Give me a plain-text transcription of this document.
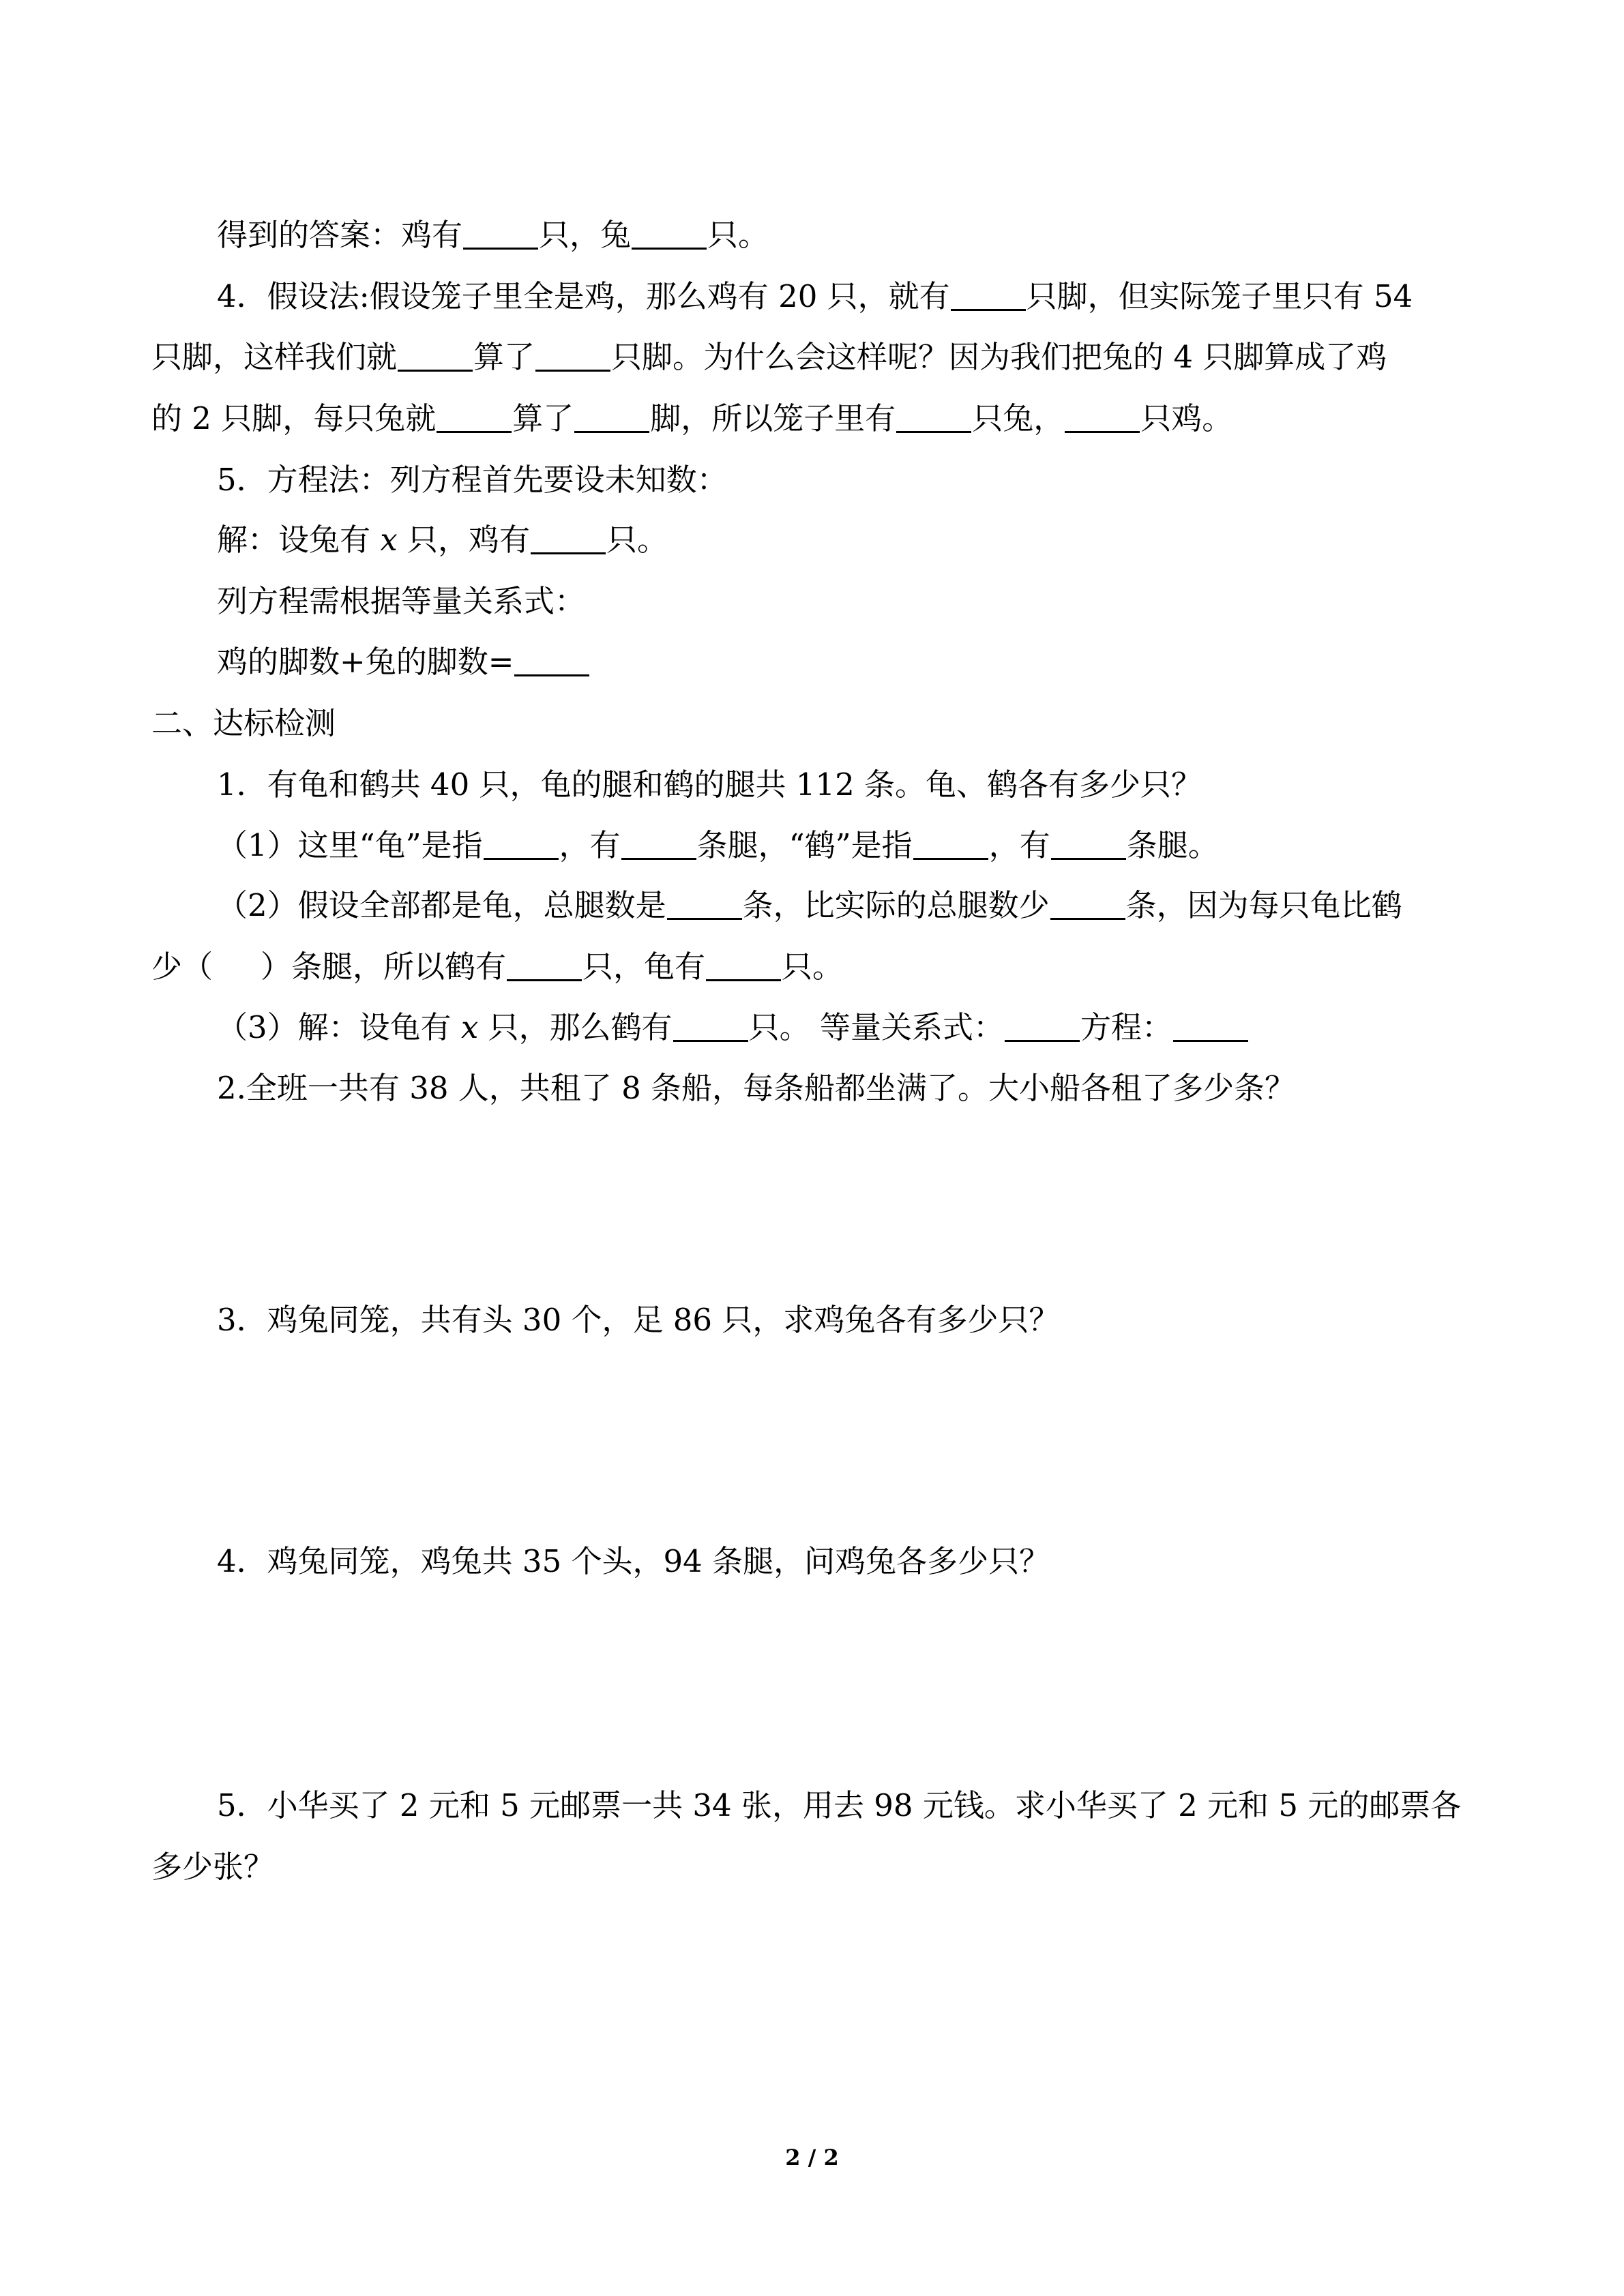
得到的答案：鸡有 只，兔 只。
4．假设法:假设笼子里全是鸡，那么鸡有 20 只，就有 只脚，但实际笼子里只有 54
只脚，这样我们就 算了 只脚。为什么会这样呢？因为我们把兔的 4 只脚算成了鸡
的 2 只脚，每只兔就 算了 脚，所以笼子里有 只兔， 只鸡。
5．方程法：列方程首先要设未知数：
解：设兔有 x 只，鸡有 只。
列方程需根据等量关系式：
鸡的脚数+兔的脚数=
二、达标检测
1．有龟和鹤共 40 只，龟的腿和鹤的腿共 112 条。龟、鹤各有多少只？
（1）这里“龟”是指 ，有 条腿，“鹤”是指 ，有 条腿。
（2）假设全部都是龟，总腿数是 条，比实际的总腿数少 条，因为每只龟比鹤
少（ ）条腿，所以鹤有 只，龟有 只。
（3）解：设龟有 x 只，那么鹤有 只。 等量关系式： 方程：
2.全班一共有 38 人，共租了 8 条船，每条船都坐满了。大小船各租了多少条？
3．鸡兔同笼，共有头 30 个，足 86 只，求鸡兔各有多少只？
4．鸡兔同笼，鸡兔共 35 个头，94 条腿，问鸡兔各多少只？
5．小华买了 2 元和 5 元邮票一共 34 张，用去 98 元钱。求小华买了 2 元和 5 元的邮票各
多少张？
2 / 2
